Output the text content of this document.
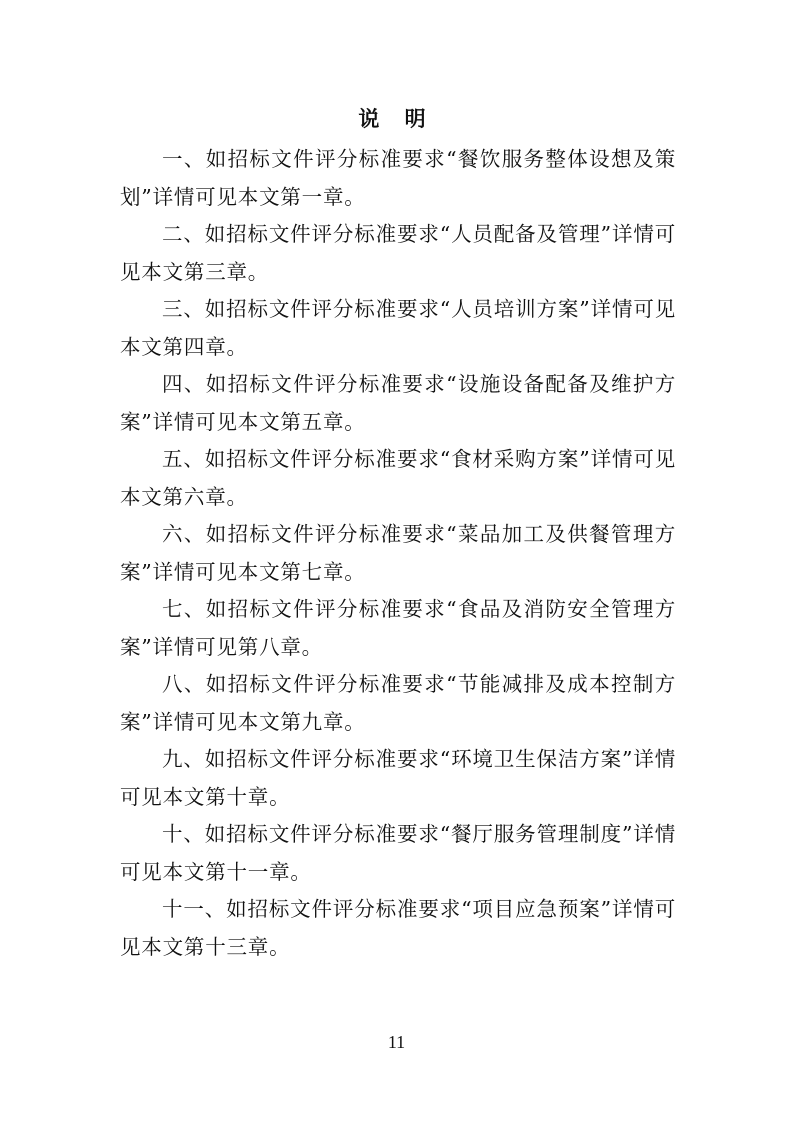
说 明

一、如招标文件评分标准要求“餐饮服务整体设想及策划”详情可见本文第一章。

二、如招标文件评分标准要求“人员配备及管理”详情可见本文第三章。

三、如招标文件评分标准要求“人员培训方案”详情可见本文第四章。

四、如招标文件评分标准要求“设施设备配备及维护方案”详情可见本文第五章。

五、如招标文件评分标准要求“食材采购方案”详情可见本文第六章。

六、如招标文件评分标准要求“菜品加工及供餐管理方案”详情可见本文第七章。

七、如招标文件评分标准要求“食品及消防安全管理方案”详情可见第八章。

八、如招标文件评分标准要求“节能减排及成本控制方案”详情可见本文第九章。

九、如招标文件评分标准要求“环境卫生保洁方案”详情可见本文第十章。

十、如招标文件评分标准要求“餐厅服务管理制度”详情可见本文第十一章。

十一、如招标文件评分标准要求“项目应急预案”详情可见本文第十三章。

11
